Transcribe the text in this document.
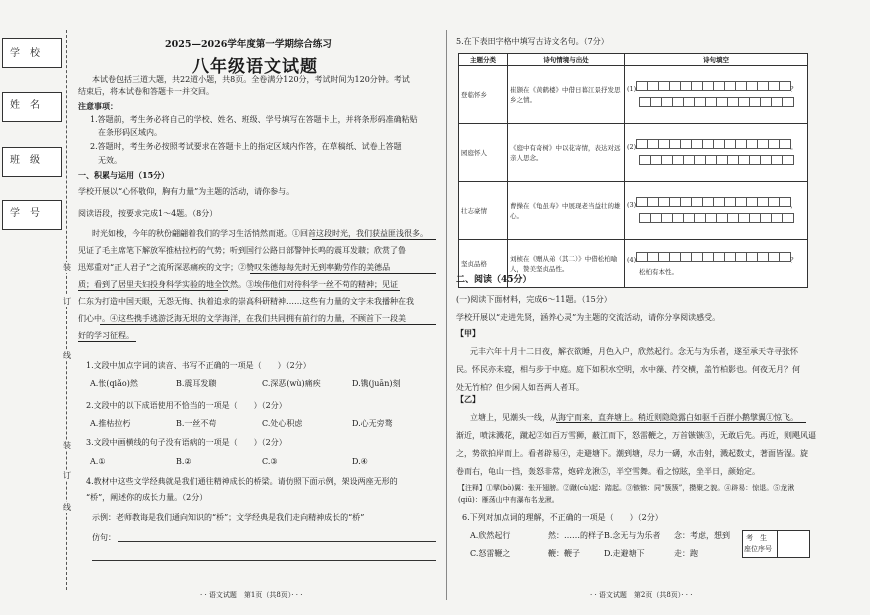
学校
姓名
班级
学号
装
订
线
装
订
线
2025—2026学年度第一学期综合练习
八年级语文试题
本试卷包括三道大题，共22道小题，共8页。全卷满分120分，考试时间为120分钟。考试
结束后，将本试卷和答题卡一并交回。
注意事项：
1.答题前，考生务必将自己的学校、姓名、班级、学号填写在答题卡上，并将条形码准确粘贴
在条形码区域内。
2.答题时，考生务必按照考试要求在答题卡上的指定区域内作答，在草稿纸、试卷上答题
无效。
一、积累与运用（15分）
学校开展以“心怀敬仰，胸有力量”为主题的活动，请你参与。
阅读语段，按要求完成1～4题。（8分）
时光如梭，今年的秋份翩翩着我们的学习生活悄然而逝。①回首这段时光，我们获益匪浅很多。
见证了毛主席笔下解放军推枯拉朽的气势；听到国行公路日部警钟长鸣的震耳发聩；欣赏了鲁
迅郑重对“正人君子”之流所深恶痛疾的文字；②赞叹朱德每每先时无到率勤劳作的美德品
质；看到了居里夫妇投身科学实验的地全饮然。③埃伟他们对待科学一丝不苟的精神；见证
仁东为打造中国天眼，无怨无悔、执着追求的崇高科研精神……这些有力量的文字未我播种在我
们心中。④这些携手逃游泛海无垠的文学海洋，在我们共同拥有前行的力量，不顾首下一段美
好的学习征程。
1.文段中加点字词的读音、书写不正确的一项是（　　）（2分）
A.怅(qiǎo)然	B.震耳发聩	C.深恶(wù)痛疾	D.镌(juān)刻
2.文段中的以下成语使用不恰当的一项是（　　）（2分）
A.推枯拉朽	B.一丝不苟	C.处心积虑	D.心无旁骛
3.文段中画横线的句子没有语病的一项是（　　）（2分）
A.①	B.②	C.③	D.④
4.教材中这些文学经典就是我们通往精神成长的桥梁。请仿照下面示例，架设两座无形的
“桥”，阐述你的成长力量。（2分）
示例：老师教诲是我们通向知识的“桥”；文学经典是我们走向精神成长的“桥”
仿句：
· · 语文试题　第1页（共8页）· · ·
5.在下表田字格中填写古诗文名句。（7分）
主题分类	诗句情境与出处	诗句填空
登临怀乡	崔颢在《黄鹤楼》中借日暮江景抒发思乡之情。	(1) ？

园庭怀人	《庭中有奇树》中以花寄情，表达对远亲人思念。	(2) 。

壮志豪情	曹操在《龟虽寿》中展现老当益壮的雄心。	(3) ，

坚贞品格	刘桢在《赠从弟（其二）》中借松柏喻人，赞美坚贞品性。	(4) ？
松柏有本性。
二、阅读（45分）
(一)阅读下面材料，完成6～11题。（15分）
学校开展以“走进先贤，涵养心灵”为主题的交流活动，请你分享阅读感受。
【甲】
元丰六年十月十二日夜，解衣欲睡，月色入户，欣然起行。念无与为乐者，遂至承天寺寻张怀
民。怀民亦未寝，相与步于中庭。庭下如积水空明，水中藻、荇交横，盖竹柏影也。何夜无月？何
处无竹柏？但少闲人如吾两人者耳。
【乙】
立塘上，见潮头一线，从海宁而来，直奔塘上。稍近则隐隐露白如驱千百群小鹅擘翼①惊飞。
渐近，喷沫溅花，蹴起②如百万雪狮，蔽江而下，怒雷鞭之，万首镞镞③，无敢后先。再近，则飓风逼
之，势欲拍岸而上。看者辟易④，走避塘下。潮到塘，尽力一礴，水击射，溅起数丈，著面皆湿。旋
卷而右，龟山一挡，轰怒非常，炮碎龙湫⑤，半空雪舞。看之惊眩，坐半日，颜始定。
【注释】①擘(bò)翼：张开翅膀。②蹴(cù)起：踏起。③镞镞：同“簇簇”，攒聚之貌。④辟易：惊退。⑤龙湫
(qiū)：雁荡山中有瀑布名龙湫。
6.下列对加点词的理解，不正确的一项是（　　）（2分）
A.欣然起行	然：……的样子 B.念无与为乐者 念：考虑，想到
C.怒雷鞭之	鞭：鞭子	D.走避塘下	走：跑
考　生
座位序号
· · 语文试题　第2页（共8页）· · ·
